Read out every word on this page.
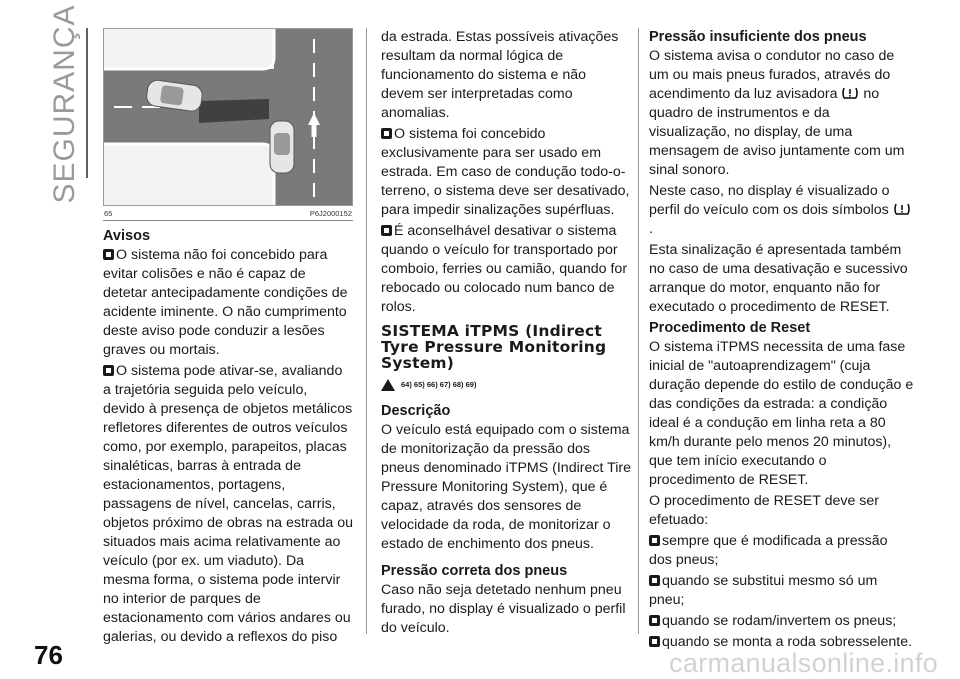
SEGURANÇA
65	P6J2000152

Avisos

O sistema não foi concebido para evitar colisões e não é capaz de detetar antecipadamente condições de acidente iminente. O não cumprimento deste aviso pode conduzir a lesões graves ou mortais.

O sistema pode ativar-se, avaliando a trajetória seguida pelo veículo, devido à presença de objetos metálicos refletores diferentes de outros veículos como, por exemplo, parapeitos, placas sinaléticas, barras à entrada de estacionamentos, portagens, passagens de nível, cancelas, carris, objetos próximo de obras na estrada ou situados mais acima relativamente ao veículo (por ex. um viaduto). Da mesma forma, o sistema pode intervir no interior de parques de estacionamento com vários andares ou galerias, ou devido a reflexos do piso

da estrada. Estas possíveis ativações resultam da normal lógica de funcionamento do sistema e não devem ser interpretadas como anomalias.

O sistema foi concebido exclusivamente para ser usado em estrada. Em caso de condução todo-o-terreno, o sistema deve ser desativado, para impedir sinalizações supérfluas.

É aconselhável desativar o sistema quando o veículo for transportado por comboio, ferries ou camião, quando for rebocado ou colocado num banco de rolos.

SISTEMA iTPMS (Indirect Tyre Pressure Monitoring System)
64) 65) 66) 67) 68) 69)

Descrição

O veículo está equipado com o sistema de monitorização da pressão dos pneus denominado iTPMS (Indirect Tire Pressure Monitoring System), que é capaz, através dos sensores de velocidade da roda, de monitorizar o estado de enchimento dos pneus.

Pressão correta dos pneus

Caso não seja detetado nenhum pneu furado, no display é visualizado o perfil do veículo.

Pressão insuficiente dos pneus

O sistema avisa o condutor no caso de um ou mais pneus furados, através do acendimento da luz avisadora no quadro de instrumentos e da visualização, no display, de uma mensagem de aviso juntamente com um sinal sonoro.

Neste caso, no display é visualizado o perfil do veículo com os dois símbolos  .

Esta sinalização é apresentada também no caso de uma desativação e sucessivo arranque do motor, enquanto não for executado o procedimento de RESET.

Procedimento de Reset

O sistema iTPMS necessita de uma fase inicial de "autoaprendizagem" (cuja duração depende do estilo de condução e das condições da estrada: a condição ideal é a condução em linha reta a 80 km/h durante pelo menos 20 minutos), que tem início executando o procedimento de RESET.

O procedimento de RESET deve ser efetuado:

sempre que é modificada a pressão dos pneus;

quando se substitui mesmo só um pneu;

quando se rodam/invertem os pneus;

quando se monta a roda sobresselente.

76	carmanualsonline.info
